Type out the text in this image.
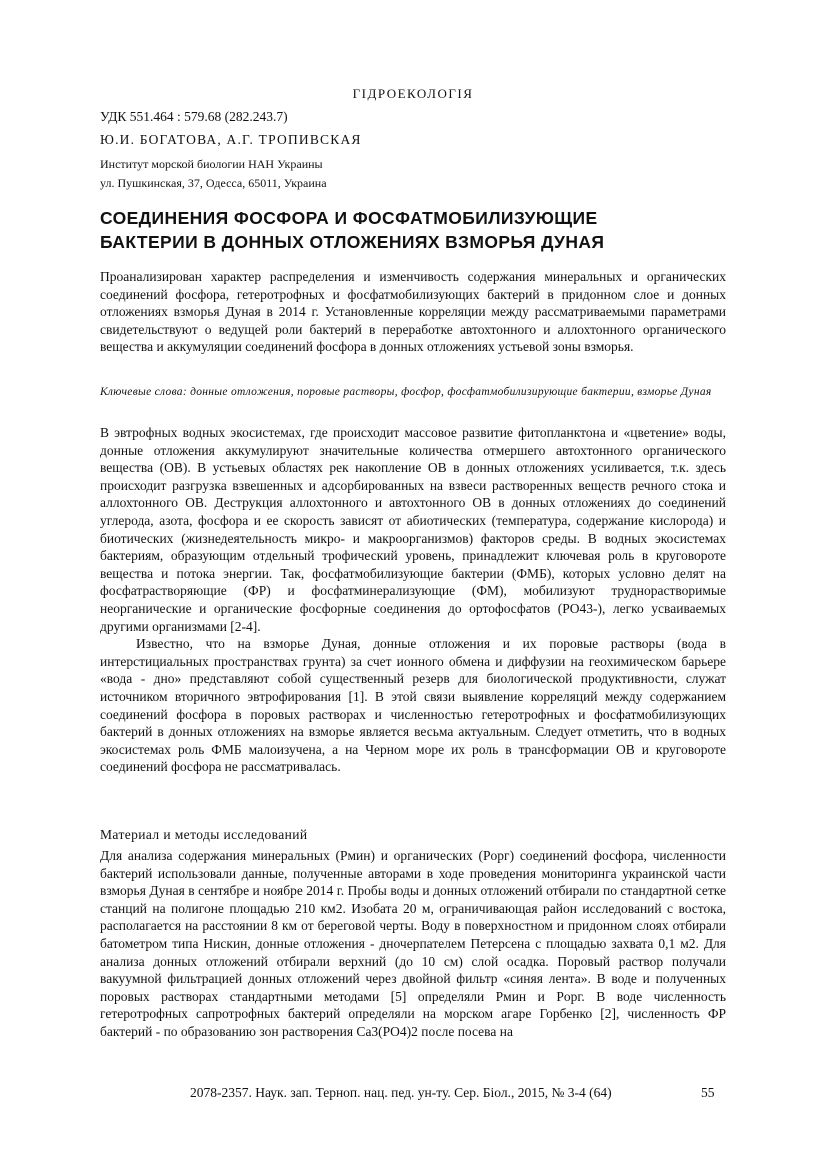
ГІДРОЕКОЛОГІЯ
УДК 551.464 : 579.68 (282.243.7)
Ю.И. БОГАТОВА, А.Г. ТРОПИВСКАЯ
Институт морской биологии НАН Украины
ул. Пушкинская, 37, Одесса, 65011, Украина
СОЕДИНЕНИЯ ФОСФОРА И ФОСФАТМОБИЛИЗУЮЩИЕ
БАКТЕРИИ В ДОННЫХ ОТЛОЖЕНИЯХ ВЗМОРЬЯ ДУНАЯ

Проанализирован характер распределения и изменчивость содержания минеральных и органических соединений фосфора, гетеротрофных и фосфатмобилизующих бактерий в придонном слое и донных отложениях взморья Дуная в 2014 г. Установленные корреляции между рассматриваемыми параметрами свидетельствуют о ведущей роли бактерий в переработке автохтонного и аллохтонного органического вещества и аккумуляции соединений фосфора в донных отложениях устьевой зоны взморья.

Ключевые слова: донные отложения, поровые растворы, фосфор, фосфатмобилизирующие бактерии, взморье Дуная

В эвтрофных водных экосистемах, где происходит массовое развитие фитопланктона и «цветение» воды, донные отложения аккумулируют значительные количества отмершего автохтонного органического вещества (ОВ). В устьевых областях рек накопление ОВ в донных отложениях усиливается, т.к. здесь происходит разгрузка взвешенных и адсорбированных на взвеси растворенных веществ речного стока и аллохтонного ОВ. Деструкция аллохтонного и автохтонного ОВ в донных отложениях до соединений углерода, азота, фосфора и ее скорость зависят от абиотических (температура, содержание кислорода) и биотических (жизнедеятельность микро- и макроорганизмов) факторов среды. В водных экосистемах бактериям, образующим отдельный трофический уровень, принадлежит ключевая роль в круговороте вещества и потока энергии. Так, фосфатмобилизующие бактерии (ФМБ), которых условно делят на фосфатрастворяющие (ФР) и фосфатминерализующие (ФМ), мобилизуют труднорастворимые неорганические и органические фосфорные соединения до ортофосфатов (PO43-), легко усваиваемых другими организмами [2-4].

Известно, что на взморье Дуная, донные отложения и их поровые растворы (вода в интерстициальных пространствах грунта) за счет ионного обмена и диффузии на геохимическом барьере «вода - дно» представляют собой существенный резерв для биологической продуктивности, служат источником вторичного эвтрофирования [1]. В этой связи выявление корреляций между содержанием соединений фосфора в поровых растворах и численностью гетеротрофных и фосфатмобилизующих бактерий в донных отложениях на взморье является весьма актуальным. Следует отметить, что в водных экосистемах роль ФМБ малоизучена, а на Черном море их роль в трансформации ОВ и круговороте соединений фосфора не рассматривалась.

Материал и методы исследований

Для анализа содержания минеральных (Pмин) и органических (Pорг) соединений фосфора, численности бактерий использовали данные, полученные авторами в ходе проведения мониторинга украинской части взморья Дуная в сентябре и ноябре 2014 г. Пробы воды и донных отложений отбирали по стандартной сетке станций на полигоне площадью 210 км2. Изобата 20 м, ограничивающая район исследований с востока, располагается на расстоянии 8 км от береговой черты. Воду в поверхностном и придонном слоях отбирали батометром типа Нискин, донные отложения - дночерпателем Петерсена с площадью захвата 0,1 м2. Для анализа донных отложений отбирали верхний (до 10 см) слой осадка. Поровый раствор получали вакуумной фильтрацией донных отложений через двойной фильтр «синяя лента». В воде и полученных поровых растворах стандартными методами [5] определяли Pмин и Pорг. В воде численность гетеротрофных сапротрофных бактерий определяли на морском агаре Горбенко [2], численность ФР бактерий - по образованию зон растворения Ca3(PO4)2 после посева на

2078-2357. Наук. зап. Терноп. нац. пед. ун-ту. Сер. Біол., 2015, № 3-4 (64)	55
